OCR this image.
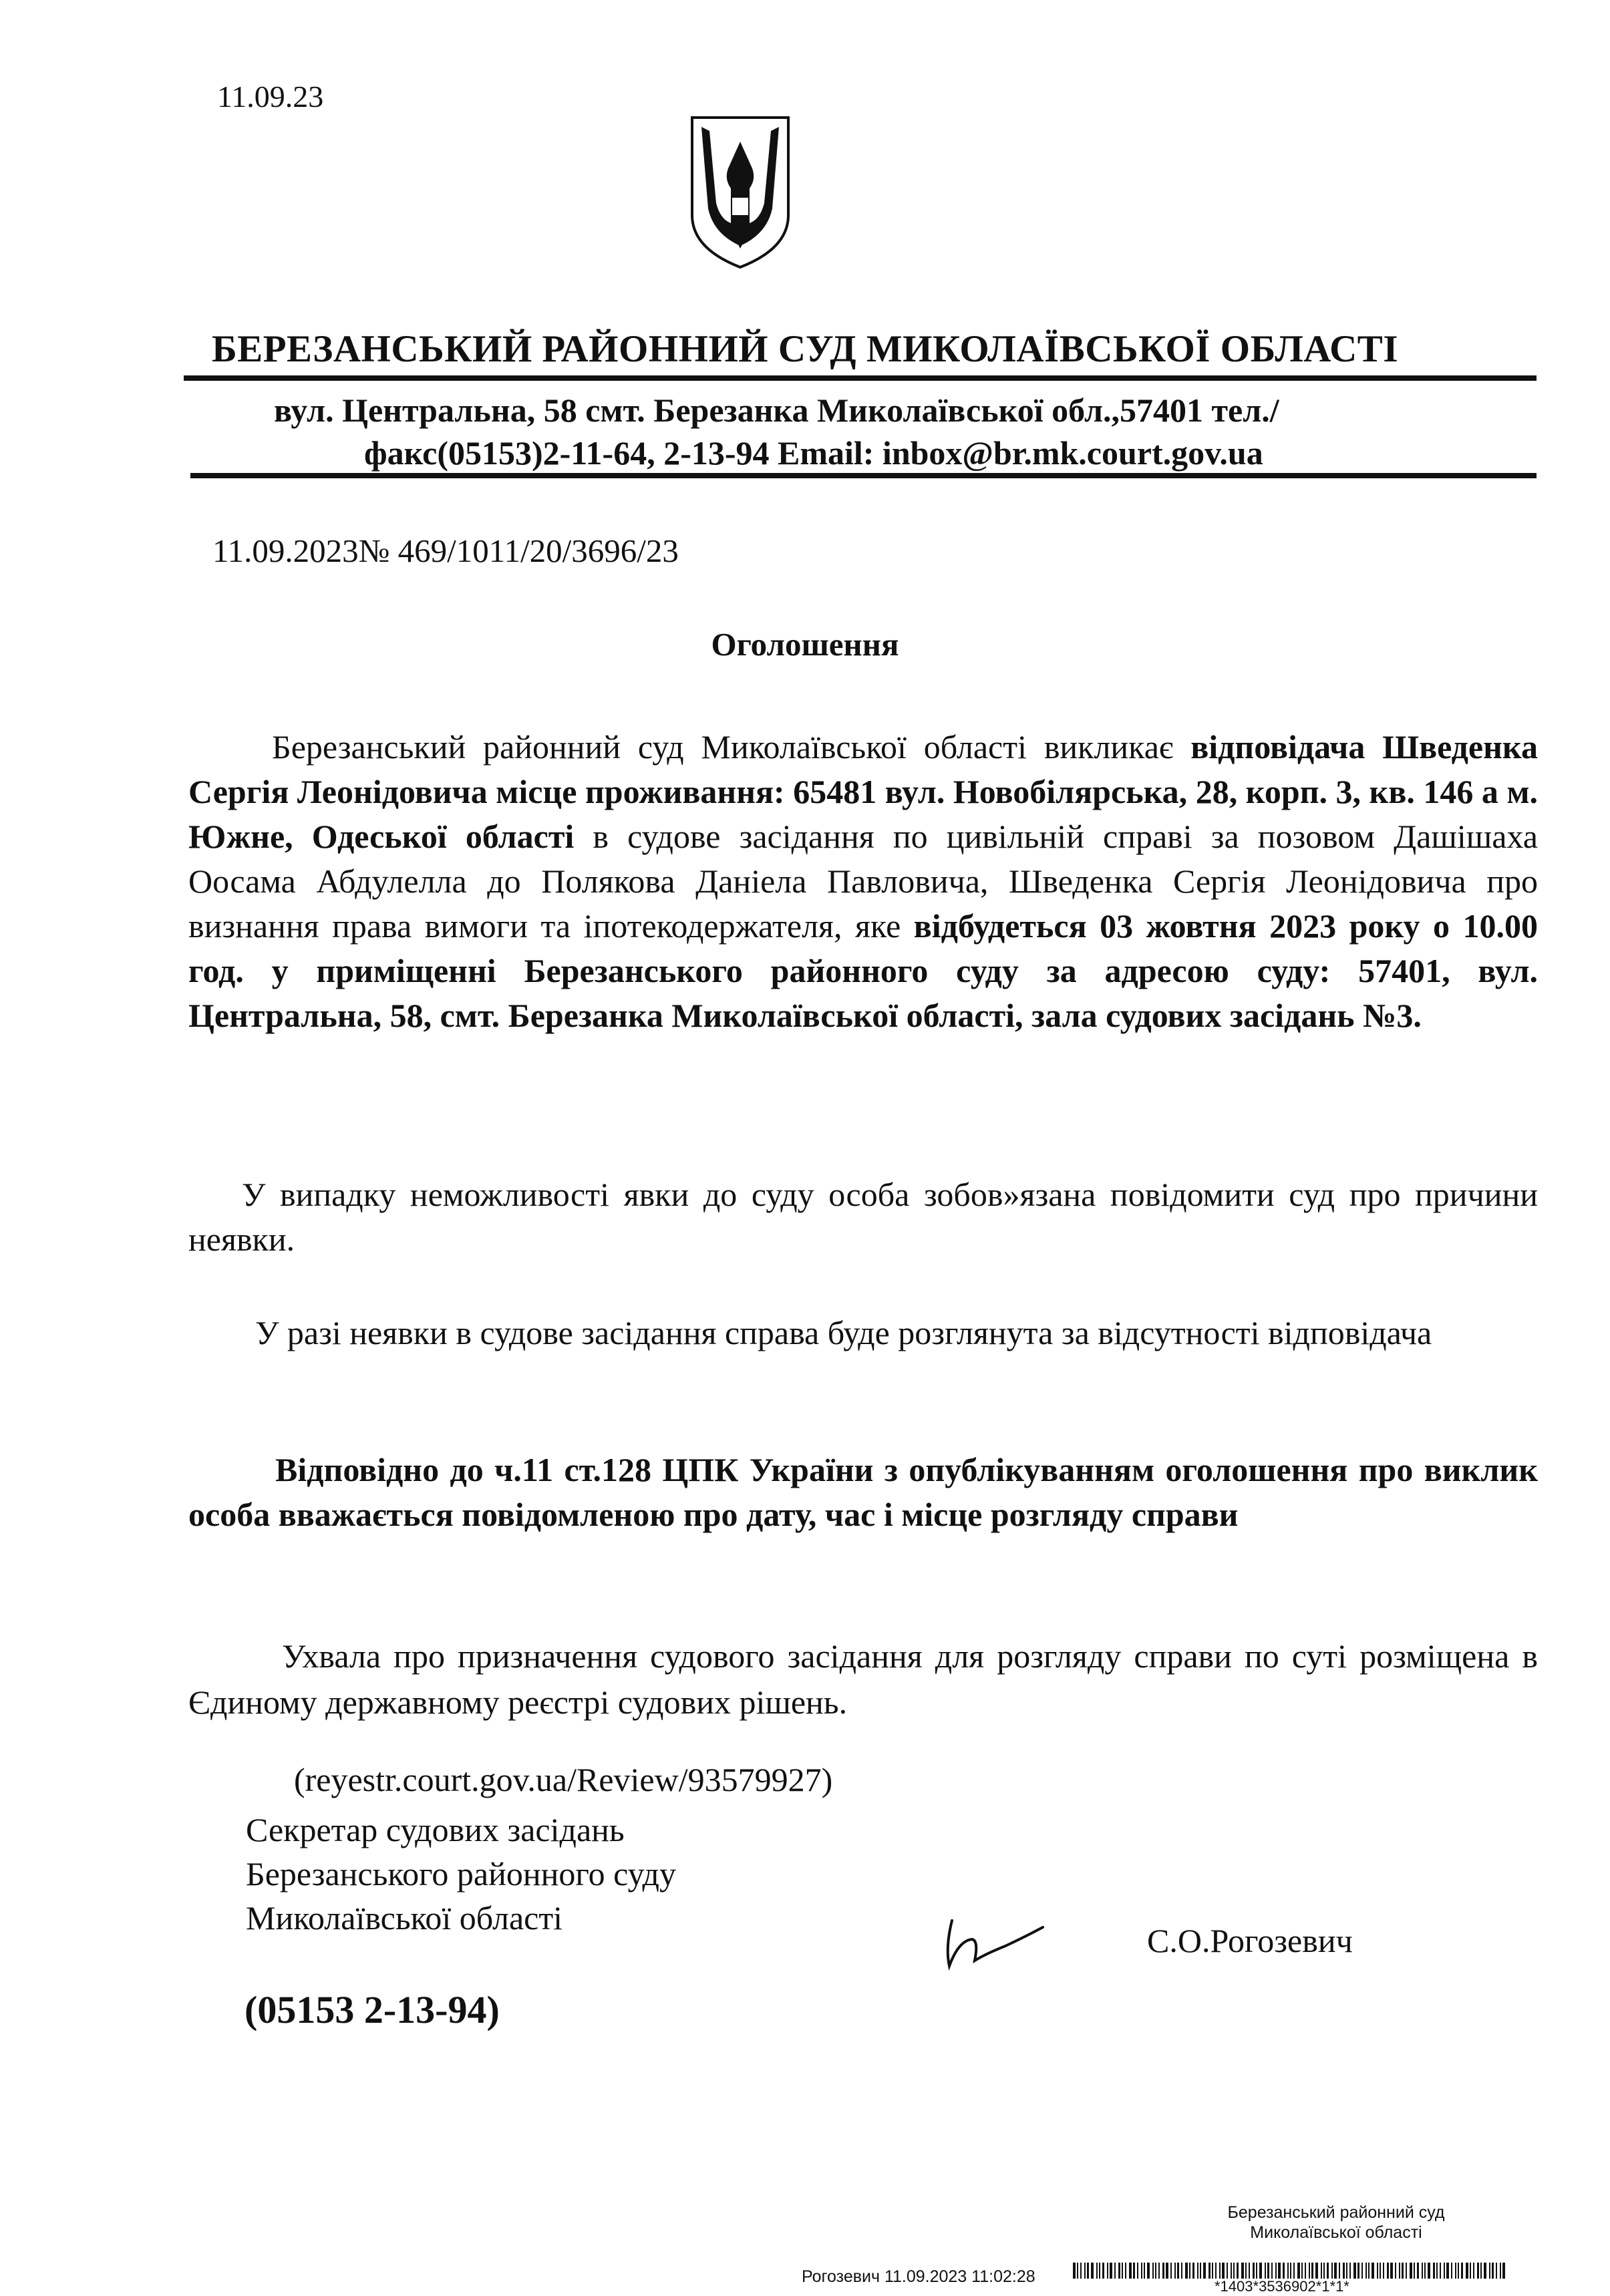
11.09.23
БЕРЕЗАНСЬКИЙ РАЙОННИЙ СУД МИКОЛАЇВСЬКОЇ ОБЛАСТІ
вул. Центральна, 58 смт. Березанка Миколаївської обл.,57401 тел./
факс(05153)2-11-64, 2-13-94 Email: inbox@br.mk.court.gov.ua
11.09.2023№ 469/1011/20/3696/23
Оголошення
Березанський районний суд Миколаївської області викликає відповідача Шведенка Сергія Леонідовича місце проживання: 65481 вул. Новобілярська, 28, корп. 3, кв. 146 а м. Южне, Одеської області в судове засідання по цивільній справі за позовом Дашішаха Оосама Абдулелла до Полякова Даніела Павловича, Шведенка Сергія Леонідовича про визнання права вимоги та іпотекодержателя, яке відбудеться 03 жовтня 2023 року о 10.00 год. у приміщенні Березанського районного суду за адресою суду: 57401, вул. Центральна, 58, смт. Березанка Миколаївської області, зала судових засідань №3.
У випадку неможливості явки до суду особа зобов»язана повідомити суд про причини неявки.
У разі неявки в судове засідання справа буде розглянута за відсутності відповідача
Відповідно до ч.11 ст.128 ЦПК України з опублікуванням оголошення про виклик особа вважається повідомленою про дату, час і місце розгляду справи
Ухвала про призначення судового засідання для розгляду справи по суті розміщена в Єдиному державному реєстрі судових рішень.
(reyestr.court.gov.ua/Review/93579927)
Секретар судових засідань
Березанського районного суду
Миколаївської області
(05153 2-13-94)
С.О.Рогозевич
Березанський районний суд
Миколаївської області
Рогозевич 11.09.2023 11:02:28
*1403*3536902*1*1*
